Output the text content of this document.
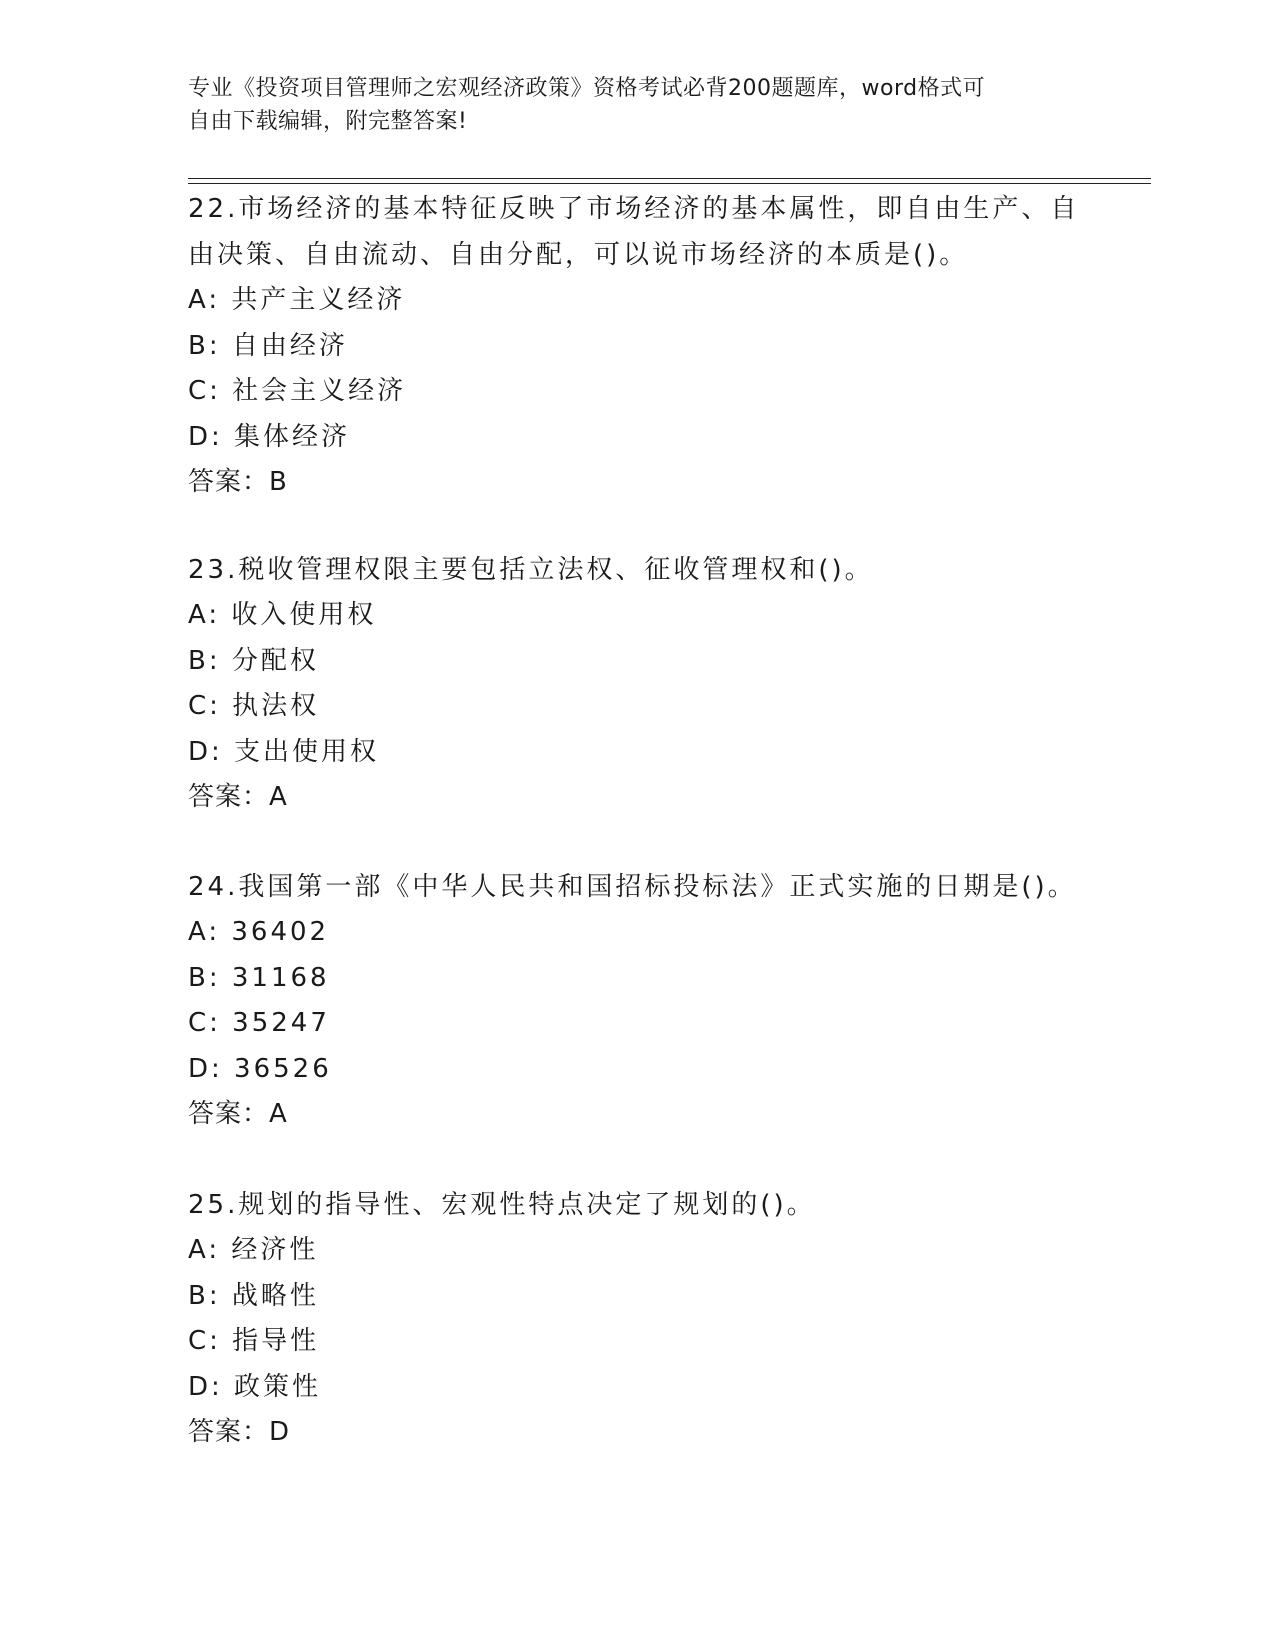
专业《投资项目管理师之宏观经济政策》资格考试必背200题题库，word格式可
自由下载编辑，附完整答案!

22.市场经济的基本特征反映了市场经济的基本属性，即自由生产、自

由决策、自由流动、自由分配，可以说市场经济的本质是()。

A: 共产主义经济

B: 自由经济

C: 社会主义经济

D: 集体经济

答案：B

23.税收管理权限主要包括立法权、征收管理权和()。

A: 收入使用权

B: 分配权

C: 执法权

D: 支出使用权

答案：A

24.我国第一部《中华人民共和国招标投标法》正式实施的日期是()。

A: 36402

B: 31168

C: 35247

D: 36526

答案：A

25.规划的指导性、宏观性特点决定了规划的()。

A: 经济性

B: 战略性

C: 指导性

D: 政策性

答案：D
